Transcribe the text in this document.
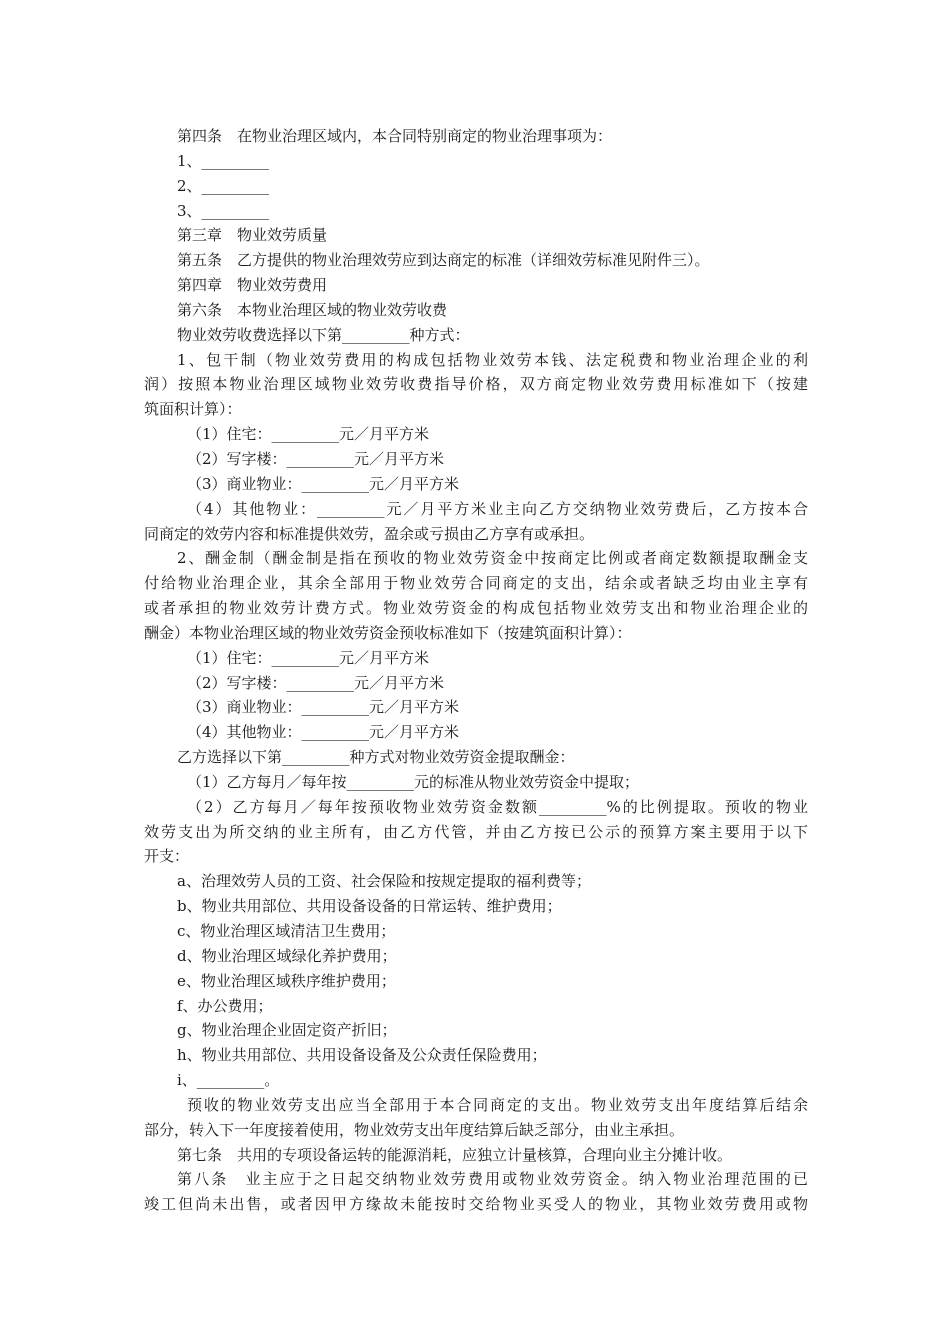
第四条　在物业治理区域内，本合同特别商定的物业治理事项为：
1、_________
2、_________
3、_________
第三章　物业效劳质量
第五条　乙方提供的物业治理效劳应到达商定的标准（详细效劳标准见附件三）。
第四章　物业效劳费用
第六条　本物业治理区域的物业效劳收费
物业效劳收费选择以下第_________种方式：
1、包干制（物业效劳费用的构成包括物业效劳本钱、法定税费和物业治理企业的利
润）按照本物业治理区域物业效劳收费指导价格，双方商定物业效劳费用标准如下（按建
筑面积计算）：
（1）住宅：_________元／月平方米
（2）写字楼：_________元／月平方米
（3）商业物业：_________元／月平方米
（4）其他物业：_________元／月平方米业主向乙方交纳物业效劳费后，乙方按本合
同商定的效劳内容和标准提供效劳，盈余或亏损由乙方享有或承担。
2、酬金制（酬金制是指在预收的物业效劳资金中按商定比例或者商定数额提取酬金支
付给物业治理企业，其余全部用于物业效劳合同商定的支出，结余或者缺乏均由业主享有
或者承担的物业效劳计费方式。物业效劳资金的构成包括物业效劳支出和物业治理企业的
酬金）本物业治理区域的物业效劳资金预收标准如下（按建筑面积计算）：
（1）住宅：_________元／月平方米
（2）写字楼：_________元／月平方米
（3）商业物业：_________元／月平方米
（4）其他物业：_________元／月平方米
乙方选择以下第_________种方式对物业效劳资金提取酬金：
（1）乙方每月／每年按_________元的标准从物业效劳资金中提取；
（2）乙方每月／每年按预收物业效劳资金数额_________%的比例提取。预收的物业
效劳支出为所交纳的业主所有，由乙方代管，并由乙方按已公示的预算方案主要用于以下
开支：
a、治理效劳人员的工资、社会保险和按规定提取的福利费等；
b、物业共用部位、共用设备设备的日常运转、维护费用；
c、物业治理区域清洁卫生费用；
d、物业治理区域绿化养护费用；
e、物业治理区域秩序维护费用；
f、办公费用；
g、物业治理企业固定资产折旧；
h、物业共用部位、共用设备设备及公众责任保险费用；
i、_________。
预收的物业效劳支出应当全部用于本合同商定的支出。物业效劳支出年度结算后结余
部分，转入下一年度接着使用，物业效劳支出年度结算后缺乏部分，由业主承担。
第七条　共用的专项设备运转的能源消耗，应独立计量核算，合理向业主分摊计收。
第八条　业主应于之日起交纳物业效劳费用或物业效劳资金。纳入物业治理范围的已
竣工但尚未出售，或者因甲方缘故未能按时交给物业买受人的物业，其物业效劳费用或物
